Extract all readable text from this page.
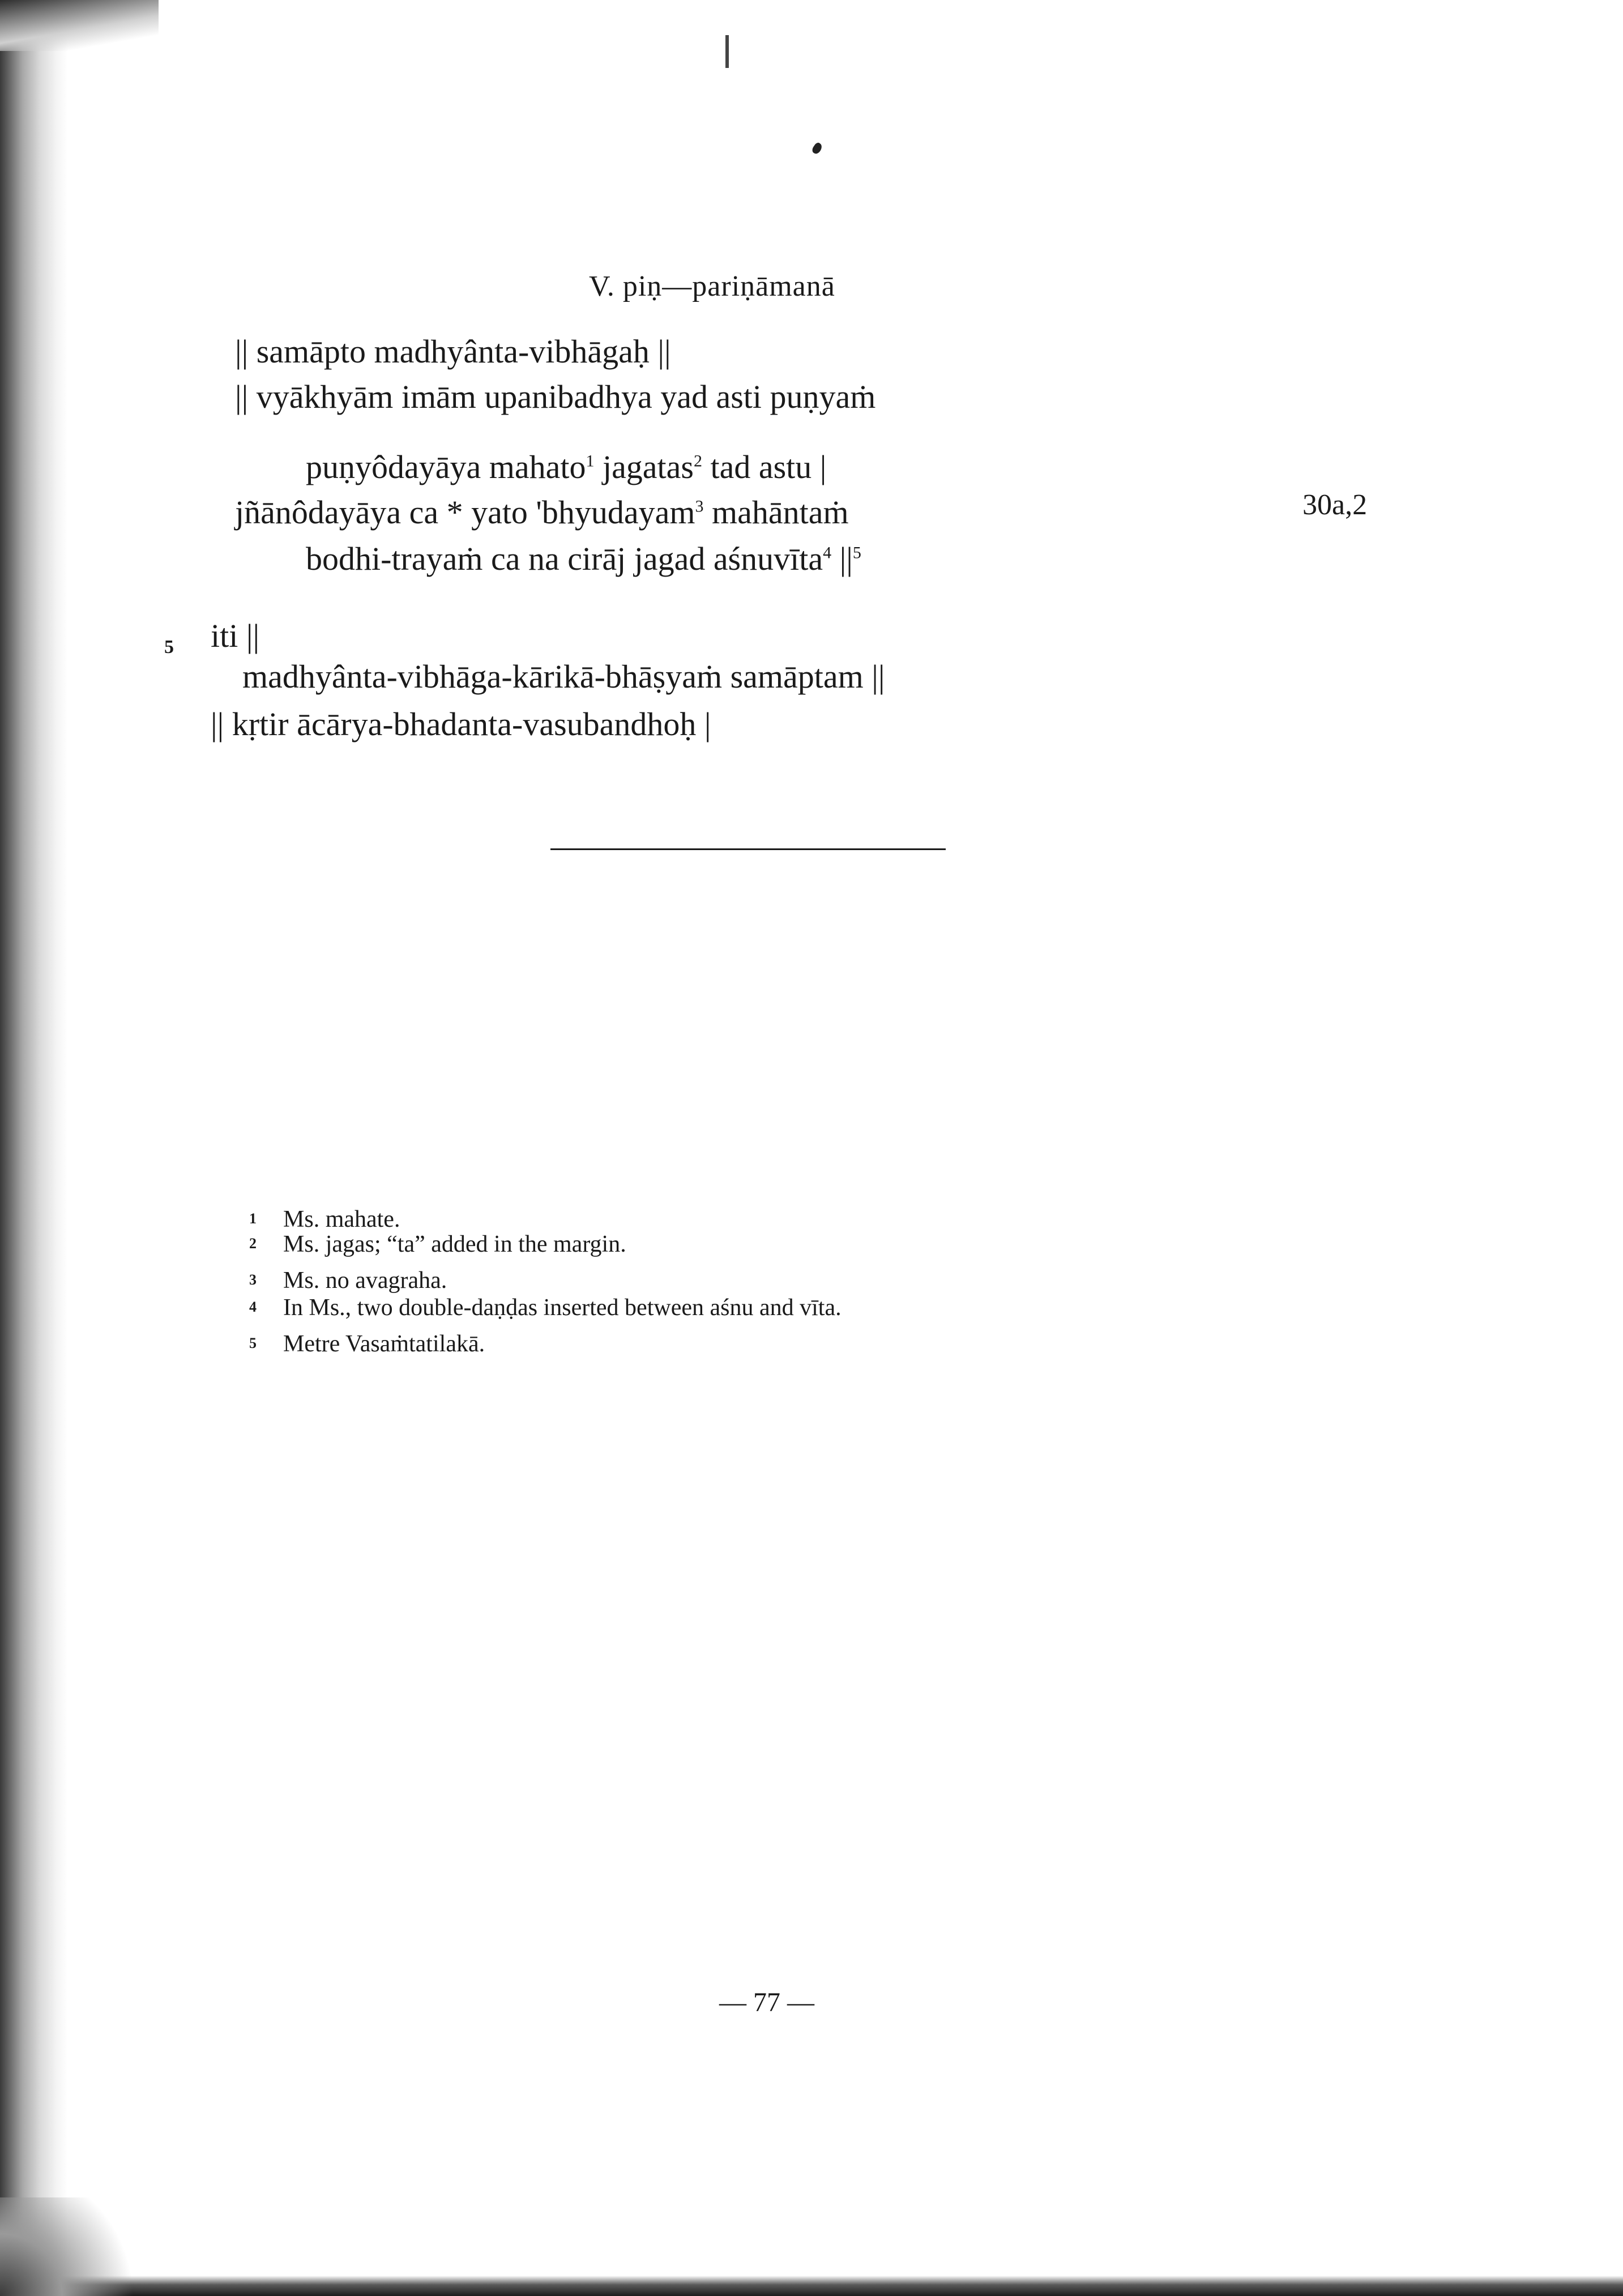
V. piṇ—pariṇāmanā
|| samāpto madhyânta-vibhāgaḥ ||
|| vyākhyām imām upanibadhya yad asti puṇyaṁ
puṇyôdayāya mahato$^1$ jagatas$^2$ tad astu |
jñānôdayāya ca * yato 'bhyudayam$^3$ mahāntaṁ	30a,2
bodhi-trayaṁ ca na cirāj jagad aśnuvīta$^4$ $||^5$
5 iti ||
madhyânta-vibhāga-kārikā-bhāṣyaṁ samāptam ||
|| kṛtir ācārya-bhadanta-vasubandhoḥ |
1 Ms. mahate.
2 Ms. jagas; “ta” added in the margin.
3 Ms. no avagraha.
4 In Ms., two double-daṇḍas inserted between aśnu and vīta.
5 Metre Vasaṁtatilakā.
— 77 —
